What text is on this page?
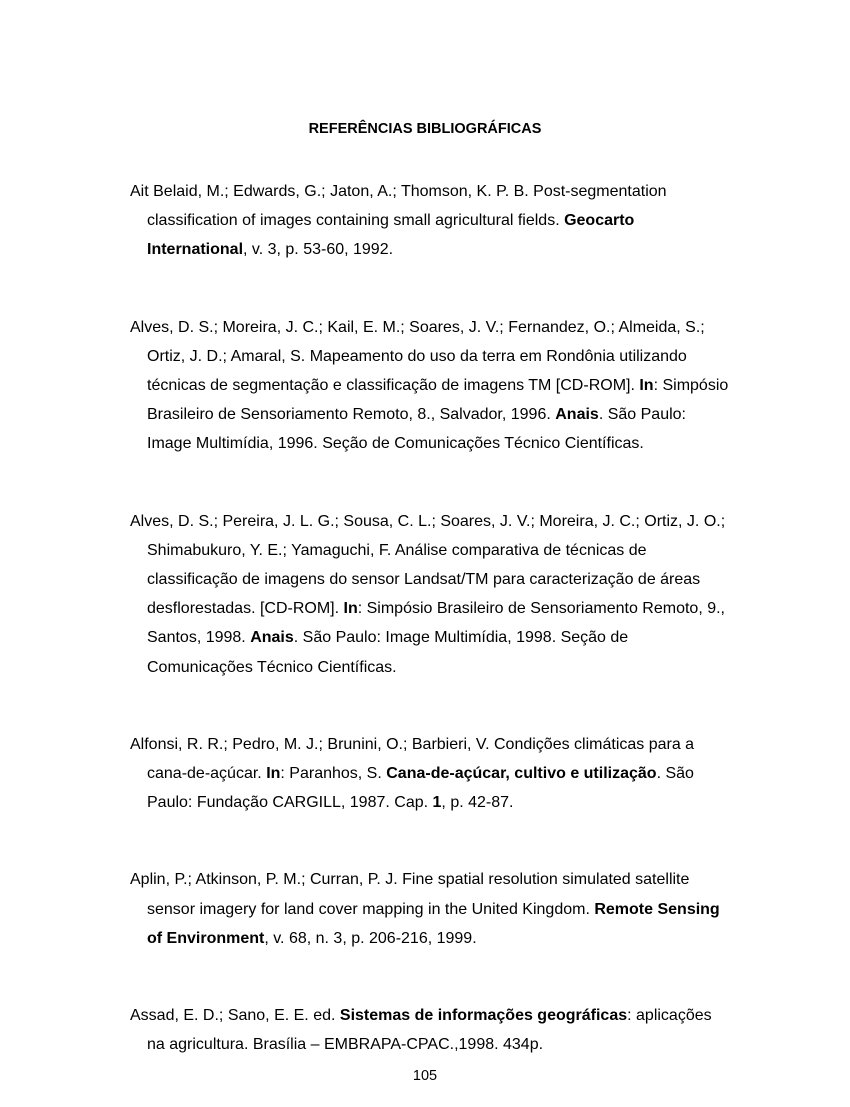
REFERÊNCIAS BIBLIOGRÁFICAS

Ait Belaid, M.; Edwards, G.; Jaton, A.; Thomson, K. P. B. Post-segmentation classification of images containing small agricultural fields. Geocarto International, v. 3, p. 53-60, 1992.

Alves, D. S.; Moreira, J. C.; Kail, E. M.; Soares, J. V.; Fernandez, O.; Almeida, S.; Ortiz, J. D.; Amaral, S. Mapeamento do uso da terra em Rondônia utilizando técnicas de segmentação e classificação de imagens TM [CD-ROM]. In: Simpósio Brasileiro de Sensoriamento Remoto, 8., Salvador, 1996. Anais. São Paulo: Image Multimídia, 1996. Seção de Comunicações Técnico Científicas.

Alves, D. S.; Pereira, J. L. G.; Sousa, C. L.; Soares, J. V.; Moreira, J. C.; Ortiz, J. O.; Shimabukuro, Y. E.; Yamaguchi, F. Análise comparativa de técnicas de classificação de imagens do sensor Landsat/TM para caracterização de áreas desflorestadas. [CD-ROM]. In: Simpósio Brasileiro de Sensoriamento Remoto, 9., Santos, 1998. Anais. São Paulo: Image Multimídia, 1998. Seção de Comunicações Técnico Científicas.

Alfonsi, R. R.; Pedro, M. J.; Brunini, O.; Barbieri, V. Condições climáticas para a cana-de-açúcar. In: Paranhos, S. Cana-de-açúcar, cultivo e utilização. São Paulo: Fundação CARGILL, 1987. Cap. 1, p. 42-87.

Aplin, P.; Atkinson, P. M.; Curran, P. J. Fine spatial resolution simulated satellite sensor imagery for land cover mapping in the United Kingdom. Remote Sensing of Environment, v. 68, n. 3, p. 206-216, 1999.

Assad, E. D.; Sano, E. E. ed. Sistemas de informações geográficas: aplicações na agricultura. Brasília – EMBRAPA-CPAC.,1998. 434p.

105
